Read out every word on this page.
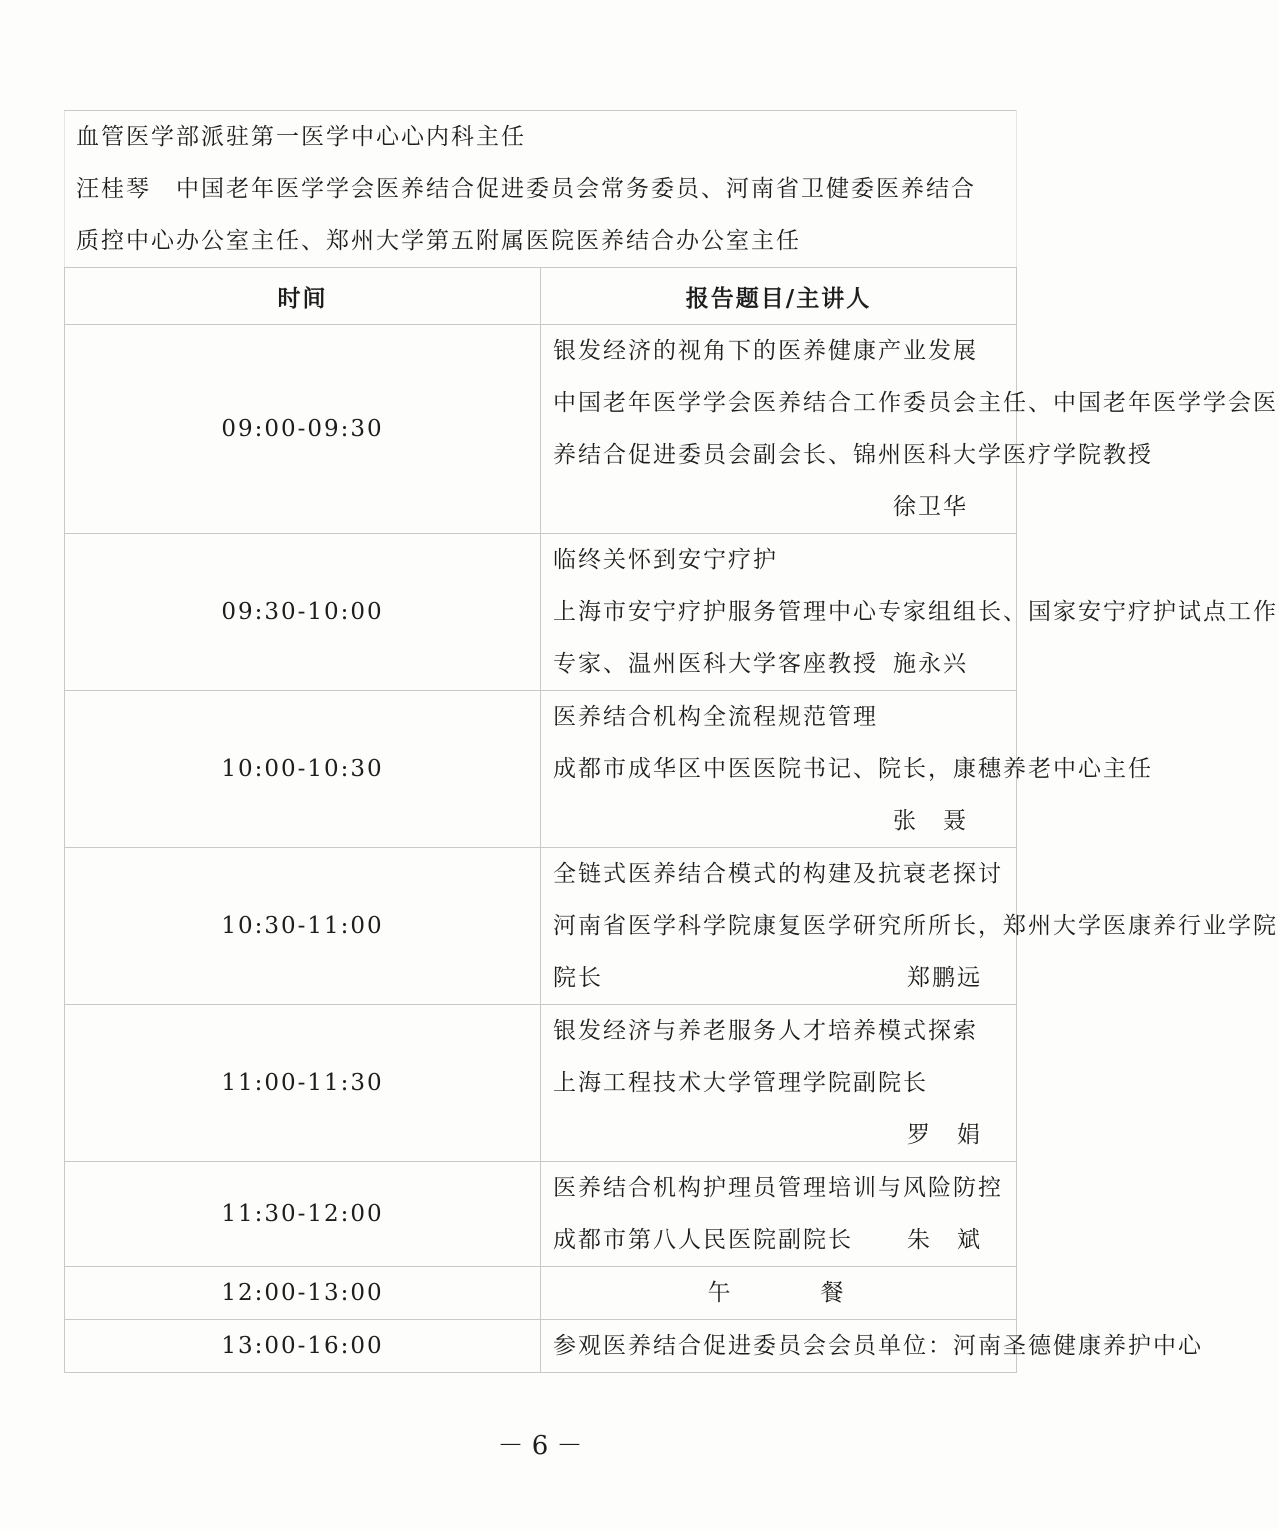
血管医学部派驻第一医学中心心内科主任
汪桂琴　中国老年医学学会医养结合促进委员会常务委员、河南省卫健委医养结合
质控中心办公室主任、郑州大学第五附属医院医养结合办公室主任	

时间	报告题目/主讲人
09:00-09:30	银发经济的视角下的医养健康产业发展
中国老年医学学会医养结合工作委员会主任、中国老年医学学会医
养结合促进委员会副会长、锦州医科大学医疗学院教授
徐卫华

09:30-10:00	临终关怀到安宁疗护
上海市安宁疗护服务管理中心专家组组长、国家安宁疗护试点工作
专家、温州医科大学客座教授 施永兴

10:00-10:30	医养结合机构全流程规范管理
成都市成华区中医医院书记、院长，康穗养老中心主任
张　聂

10:30-11:00	全链式医养结合模式的构建及抗衰老探讨
河南省医学科学院康复医学研究所所长，郑州大学医康养行业学院
院长 郑鹏远

11:00-11:30	银发经济与养老服务人才培养模式探索
上海工程技术大学管理学院副院长
罗　娟

11:30-12:00	医养结合机构护理员管理培训与风险防控
成都市第八人民医院副院长 朱　斌

12:00-13:00	午 餐

13:00-16:00	参观医养结合促进委员会会员单位：河南圣德健康养护中心
－ 6 －
